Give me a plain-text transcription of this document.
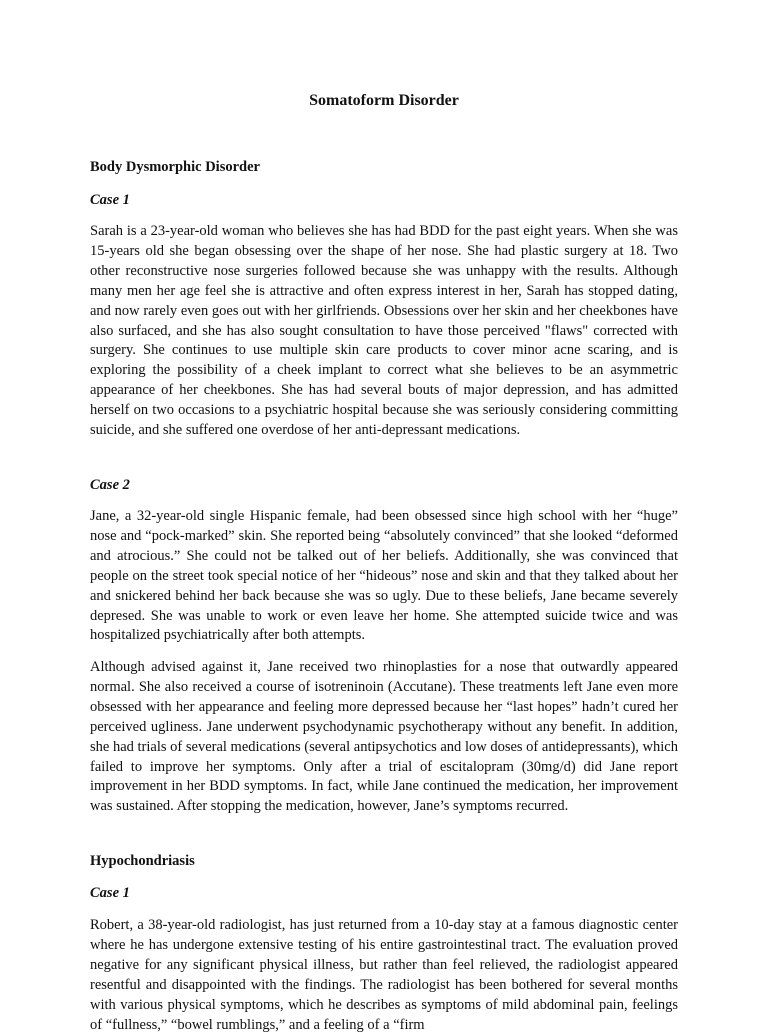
Somatoform Disorder
Body Dysmorphic Disorder
Case 1

Sarah is a 23-year-old woman who believes she has had BDD for the past eight years. When she was 15-years old she began obsessing over the shape of her nose. She had plastic surgery at 18. Two other reconstructive nose surgeries followed because she was unhappy with the results. Although many men her age feel she is attractive and often express interest in her, Sarah has stopped dating, and now rarely even goes out with her girlfriends. Obsessions over her skin and her cheekbones have also surfaced, and she has also sought consultation to have those perceived "flaws" corrected with surgery. She continues to use multiple skin care products to cover minor acne scaring, and is exploring the possibility of a cheek implant to correct what she believes to be an asymmetric appearance of her cheekbones. She has had several bouts of major depression, and has admitted herself on two occasions to a psychiatric hospital because she was seriously considering committing suicide, and she suffered one overdose of her anti-depressant medications.

Case 2

Jane, a 32-year-old single Hispanic female, had been obsessed since high school with her “huge” nose and “pock-marked” skin. She reported being “absolutely convinced” that she looked “deformed and atrocious.” She could not be talked out of her beliefs. Additionally, she was convinced that people on the street took special notice of her “hideous” nose and skin and that they talked about her and snickered behind her back because she was so ugly. Due to these beliefs, Jane became severely depresed. She was unable to work or even leave her home. She attempted suicide twice and was hospitalized psychiatrically after both attempts.

Although advised against it, Jane received two rhinoplasties for a nose that outwardly appeared normal. She also received a course of isotreninoin (Accutane). These treatments left Jane even more obsessed with her appearance and feeling more depressed because her “last hopes” hadn’t cured her perceived ugliness. Jane underwent psychodynamic psychotherapy without any benefit. In addition, she had trials of several medications (several antipsychotics and low doses of antidepressants), which failed to improve her symptoms. Only after a trial of escitalopram (30mg/d) did Jane report improvement in her BDD symptoms. In fact, while Jane continued the medication, her improvement was sustained. After stopping the medication, however, Jane’s symptoms recurred.

Hypochondriasis
Case 1

Robert, a 38-year-old radiologist, has just returned from a 10-day stay at a famous diagnostic center where he has undergone extensive testing of his entire gastrointestinal tract. The evaluation proved negative for any significant physical illness, but rather than feel relieved, the radiologist appeared resentful and disappointed with the findings. The radiologist has been bothered for several months with various physical symptoms, which he describes as symptoms of mild abdominal pain, feelings of “fullness,” “bowel rumblings,” and a feeling of a “firm
